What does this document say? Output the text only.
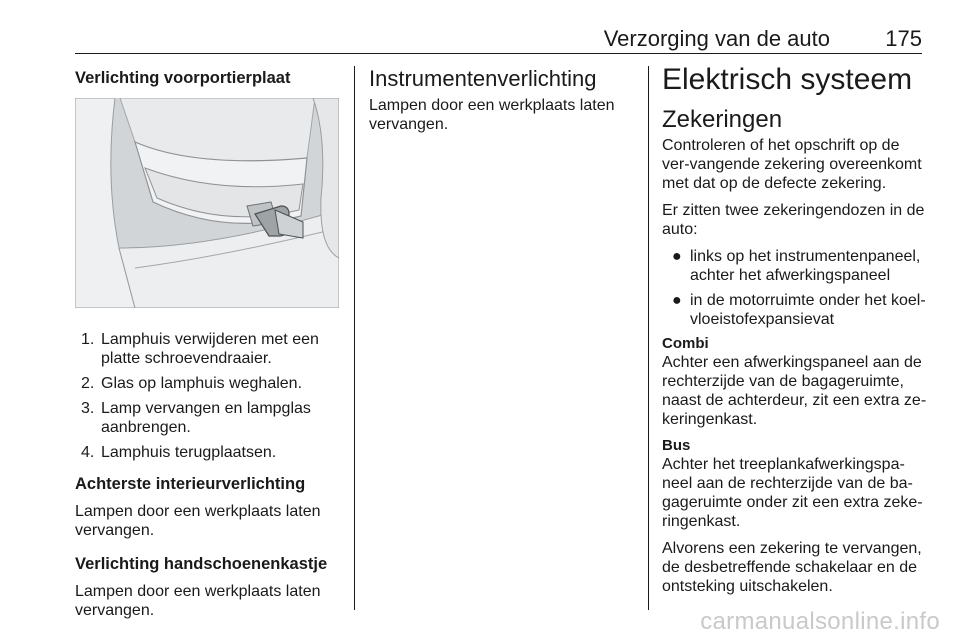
Verzorging van de auto	175

Verlichting voorportierplaat

1. Lamphuis verwijderen met een platte schroevendraaier.
2. Glas op lamphuis weghalen.
3. Lamp vervangen en lampglas aanbrengen.
4. Lamphuis terugplaatsen.

Achterste interieurverlichting

Lampen door een werkplaats laten vervangen.

Verlichting handschoenenkastje

Lampen door een werkplaats laten vervangen.

Instrumentenverlichting

Lampen door een werkplaats laten vervangen.

Elektrisch systeem

Zekeringen

Controleren of het opschrift op de ver-vangende zekering overeenkomt met dat op de defecte zekering.

Er zitten twee zekeringendozen in de auto:

● links op het instrumentenpaneel, achter het afwerkingspaneel
● in de motorruimte onder het koel-vloeistofexpansievat

Combi

Achter een afwerkingspaneel aan de rechterzijde van de bagageruimte, naast de achterdeur, zit een extra ze-keringenkast.

Bus

Achter het treeplankafwerkingspa-neel aan de rechterzijde van de ba-gageruimte onder zit een extra zeke-ringenkast.

Alvorens een zekering te vervangen, de desbetreffende schakelaar en de ontsteking uitschakelen.

carmanualsonline.info
